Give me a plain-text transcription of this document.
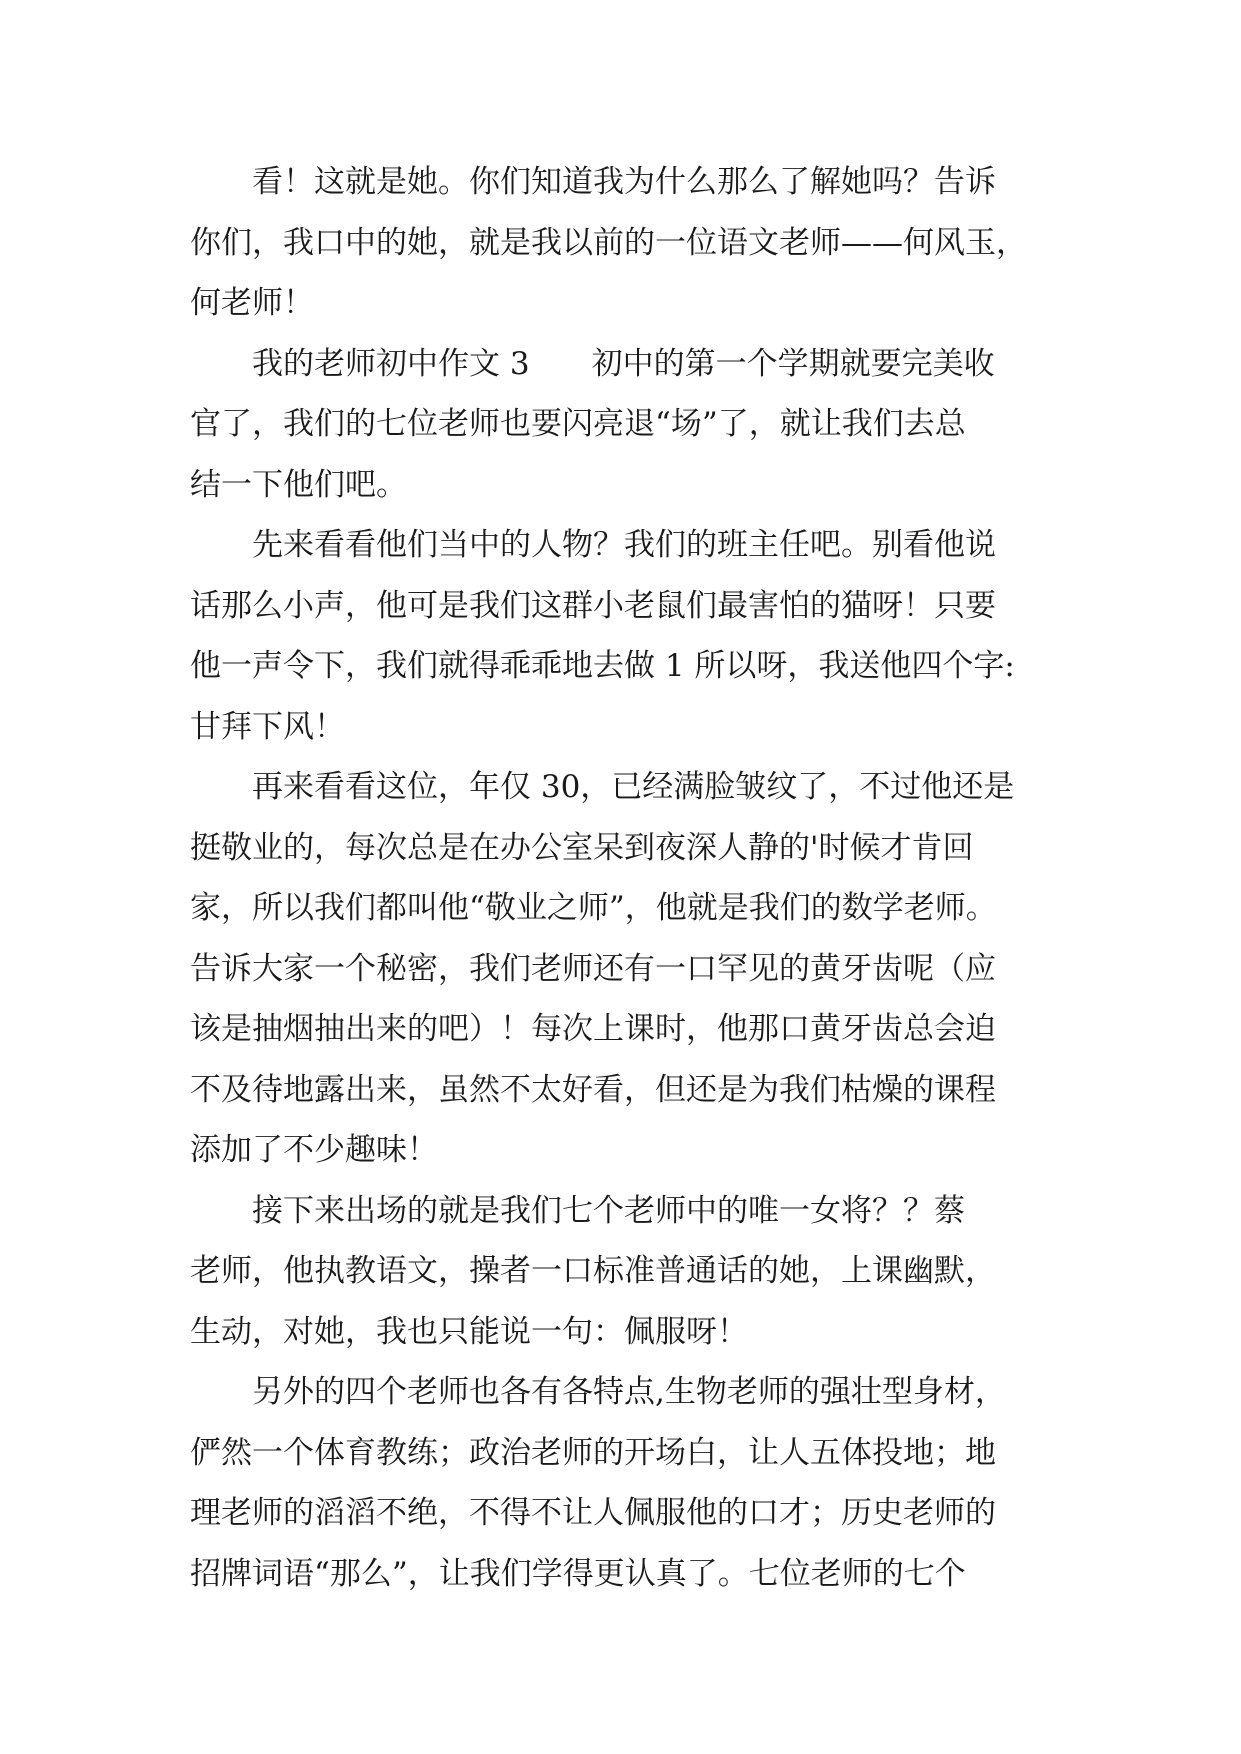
看！这就是她。你们知道我为什么那么了解她吗？告诉
你们，我口中的她，就是我以前的一位语文老师——何风玉，
何老师！
我的老师初中作文 3　　初中的第一个学期就要完美收
官了，我们的七位老师也要闪亮退“场”了，就让我们去总
结一下他们吧。
先来看看他们当中的人物？我们的班主任吧。别看他说
话那么小声，他可是我们这群小老鼠们最害怕的猫呀！只要
他一声令下，我们就得乖乖地去做 1 所以呀，我送他四个字:
甘拜下风！
再来看看这位，年仅 30，已经满脸皱纹了，不过他还是
挺敬业的，每次总是在办公室呆到夜深人静的'时候才肯回
家，所以我们都叫他“敬业之师”，他就是我们的数学老师。
告诉大家一个秘密，我们老师还有一口罕见的黄牙齿呢（应
该是抽烟抽出来的吧）！每次上课时，他那口黄牙齿总会迫
不及待地露出来，虽然不太好看，但还是为我们枯燥的课程
添加了不少趣味！
接下来出场的就是我们七个老师中的唯一女将？？蔡
老师，他执教语文，操者一口标准普通话的她，上课幽默，
生动，对她，我也只能说一句：佩服呀！
另外的四个老师也各有各特点,生物老师的强壮型身材，
俨然一个体育教练；政治老师的开场白，让人五体投地；地
理老师的滔滔不绝，不得不让人佩服他的口才；历史老师的
招牌词语“那么”，让我们学得更认真了。七位老师的七个
